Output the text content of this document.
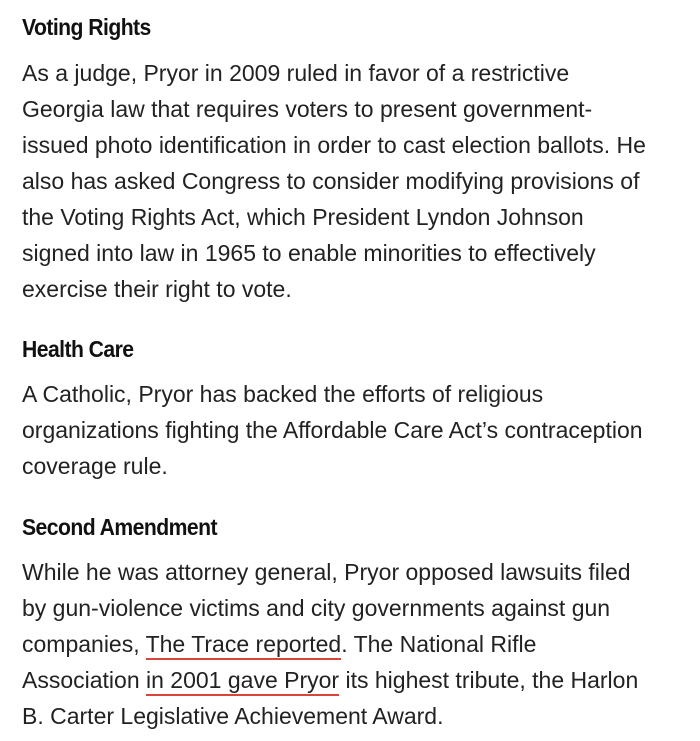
Voting Rights

As a judge, Pryor in 2009 ruled in favor of a restrictive
Georgia law that requires voters to present government-
issued photo identification in order to cast election ballots. He
also has asked Congress to consider modifying provisions of
the Voting Rights Act, which President Lyndon Johnson
signed into law in 1965 to enable minorities to effectively
exercise their right to vote.

Health Care

A Catholic, Pryor has backed the efforts of religious
organizations fighting the Affordable Care Act’s contraception
coverage rule.

Second Amendment

While he was attorney general, Pryor opposed lawsuits filed
by gun-violence victims and city governments against gun
companies, The Trace reported. The National Rifle
Association in 2001 gave Pryor its highest tribute, the Harlon
B. Carter Legislative Achievement Award.
